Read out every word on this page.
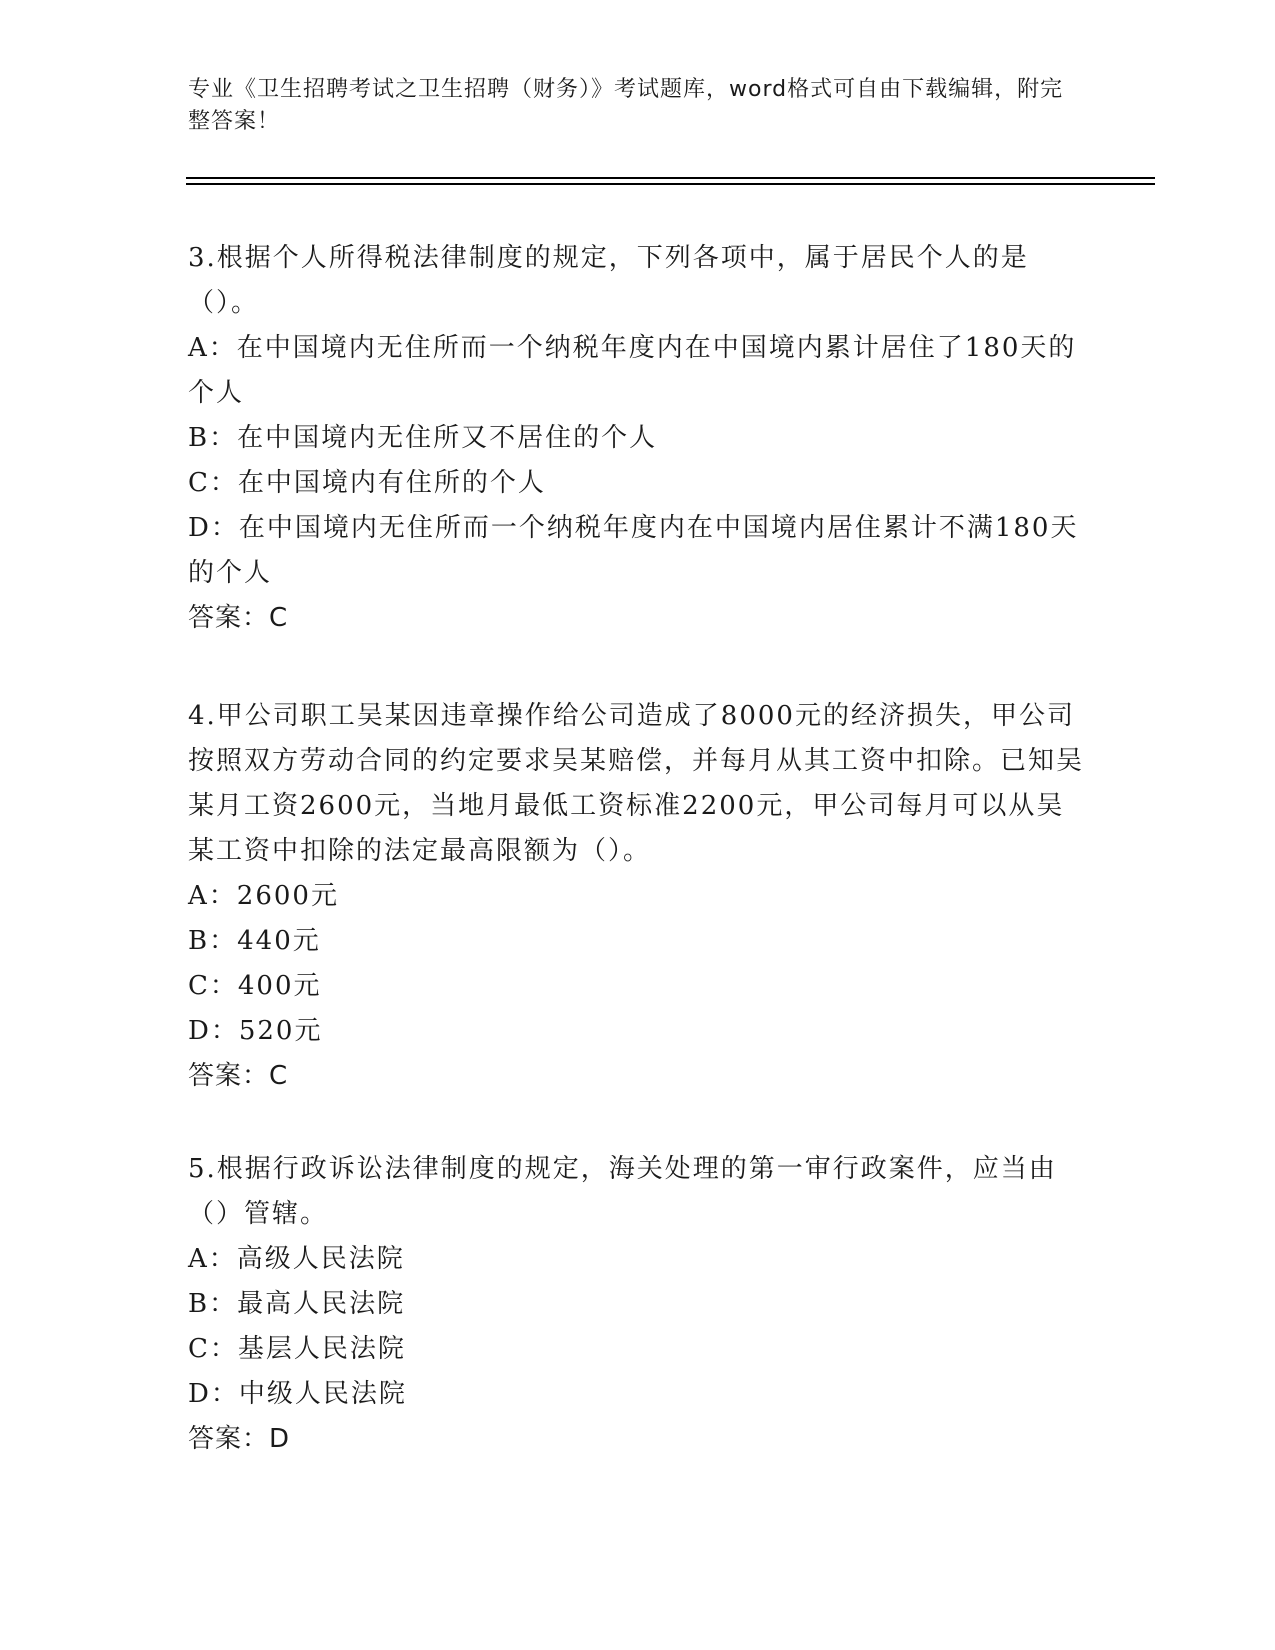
专业《卫生招聘考试之卫生招聘（财务）》考试题库，word格式可自由下载编辑，附完整答案！
3.根据个人所得税法律制度的规定，下列各项中，属于居民个人的是（）。
A：在中国境内无住所而一个纳税年度内在中国境内累计居住了180天的个人
B：在中国境内无住所又不居住的个人
C：在中国境内有住所的个人
D：在中国境内无住所而一个纳税年度内在中国境内居住累计不满180天的个人
答案：C
4.甲公司职工吴某因违章操作给公司造成了8000元的经济损失，甲公司按照双方劳动合同的约定要求吴某赔偿，并每月从其工资中扣除。已知吴某月工资2600元，当地月最低工资标准2200元，甲公司每月可以从吴某工资中扣除的法定最高限额为（）。
A：2600元
B：440元
C：400元
D：520元
答案：C
5.根据行政诉讼法律制度的规定，海关处理的第一审行政案件，应当由（）管辖。
A：高级人民法院
B：最高人民法院
C：基层人民法院
D：中级人民法院
答案：D
